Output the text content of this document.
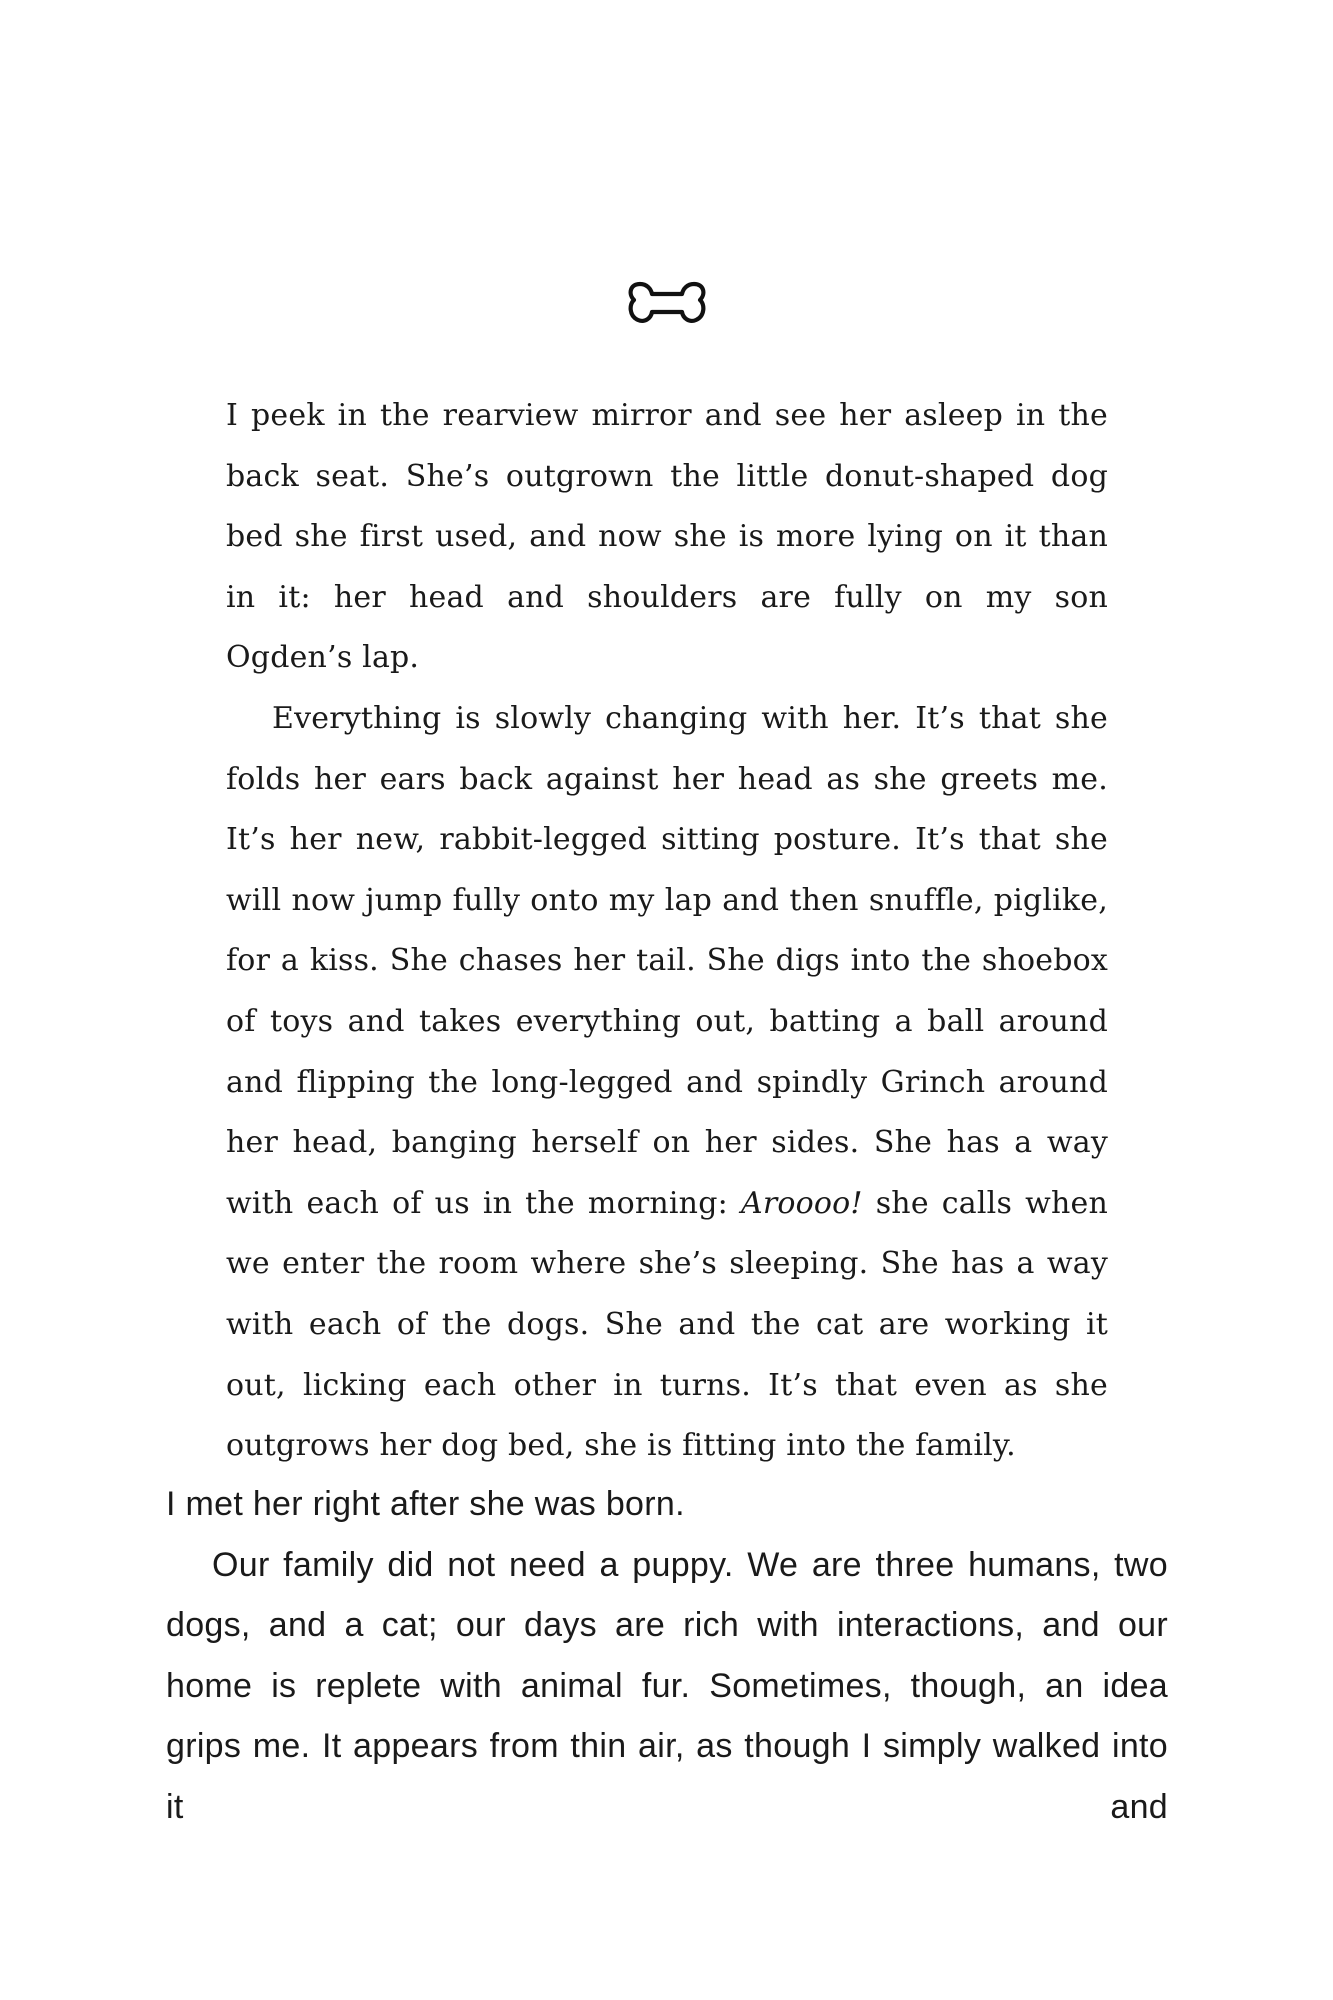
I peek in the rearview mirror and see her asleep in the back seat. She’s outgrown the little donut-shaped dog bed she first used, and now she is more lying on it than in it: her head and shoulders are fully on my son Ogden’s lap.

Everything is slowly changing with her. It’s that she folds her ears back against her head as she greets me. It’s her new, rabbit-legged sitting posture. It’s that she will now jump fully onto my lap and then snuffle, piglike, for a kiss. She chases her tail. She digs into the shoebox of toys and takes everything out, batting a ball around and flipping the long-legged and spindly Grinch around her head, banging herself on her sides. She has a way with each of us in the morning: Aroooo! she calls when we enter the room where she’s sleeping. She has a way with each of the dogs. She and the cat are working it out, licking each other in turns. It’s that even as she outgrows her dog bed, she is fitting into the family.

I met her right after she was born.

Our family did not need a puppy. We are three humans, two dogs, and a cat; our days are rich with interactions, and our home is replete with animal fur. Sometimes, though, an idea grips me. It appears from thin air, as though I simply walked into it and
